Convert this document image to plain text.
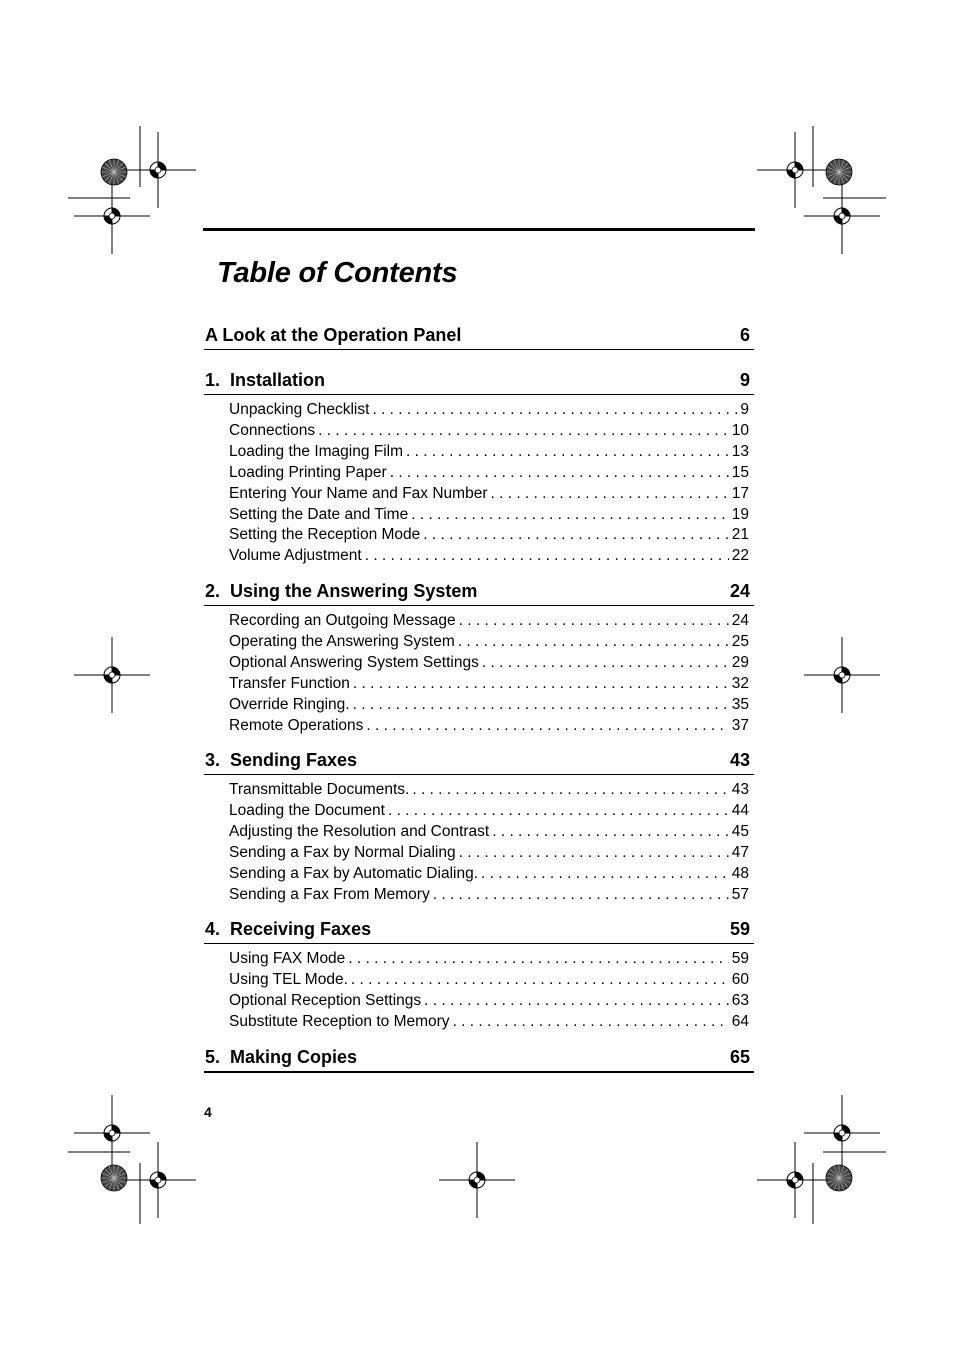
Table of Contents
A Look at the Operation Panel	6
1.  Installation	9
Unpacking Checklist . . .	9
Connections . . .	10
Loading the Imaging Film . . .	13
Loading Printing Paper . . .	15
Entering Your Name and Fax Number . . .	17
Setting the Date and Time . . .	19
Setting the Reception Mode . . .	21
Volume Adjustment . . .	22
2.  Using the Answering System	24
Recording an Outgoing Message . . .	24
Operating the Answering System . . .	25
Optional Answering System Settings . . .	29
Transfer Function . . .	32
Override Ringing. . . .	35
Remote Operations . . .	37
3.  Sending Faxes	43
Transmittable Documents. . . .	43
Loading the Document . . .	44
Adjusting the Resolution and Contrast . . .	45
Sending a Fax by Normal Dialing . . .	47
Sending a Fax by Automatic Dialing. . . .	48
Sending a Fax From Memory . . .	57
4.  Receiving Faxes	59
Using FAX Mode . . .	59
Using TEL Mode. . . .	60
Optional Reception Settings . . .	63
Substitute Reception to Memory . . .	64
5.  Making Copies	65
4
